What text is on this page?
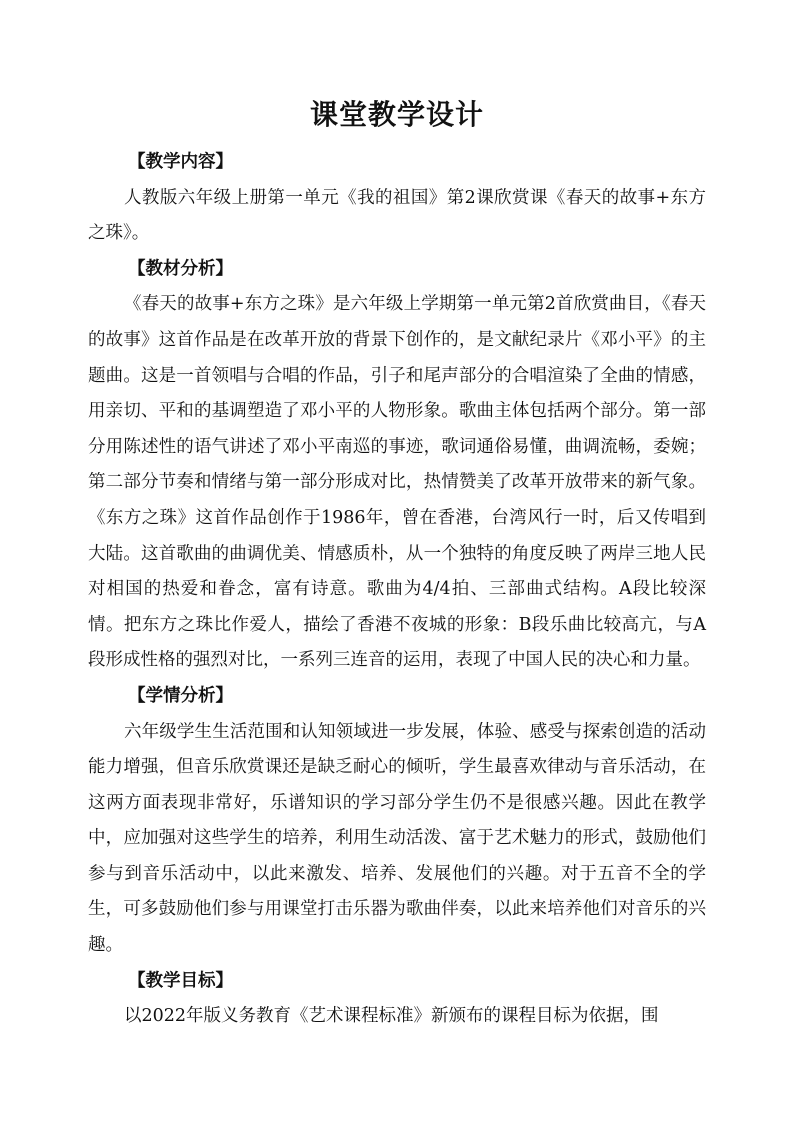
课堂教学设计

【教学内容】

人教版六年级上册第一单元《我的祖国》第2课欣赏课《春天的故事+东方之珠》。

【教材分析】

《春天的故事+东方之珠》是六年级上学期第一单元第2首欣赏曲目，《春天的故事》这首作品是在改革开放的背景下创作的，是文献纪录片《邓小平》的主题曲。这是一首领唱与合唱的作品，引子和尾声部分的合唱渲染了全曲的情感，用亲切、平和的基调塑造了邓小平的人物形象。歌曲主体包括两个部分。第一部分用陈述性的语气讲述了邓小平南巡的事迹，歌词通俗易懂，曲调流畅，委婉；第二部分节奏和情绪与第一部分形成对比，热情赞美了改革开放带来的新气象。《东方之珠》这首作品创作于1986年，曾在香港，台湾风行一时，后又传唱到大陆。这首歌曲的曲调优美、情感质朴，从一个独特的角度反映了两岸三地人民对相国的热爱和眷念，富有诗意。歌曲为4/4拍、三部曲式结构。A段比较深情。把东方之珠比作爱人，描绘了香港不夜城的形象：B段乐曲比较高亢，与A段形成性格的强烈对比，一系列三连音的运用，表现了中国人民的决心和力量。

【学情分析】

六年级学生生活范围和认知领域进一步发展，体验、感受与探索创造的活动能力增强，但音乐欣赏课还是缺乏耐心的倾听，学生最喜欢律动与音乐活动，在这两方面表现非常好，乐谱知识的学习部分学生仍不是很感兴趣。因此在教学中，应加强对这些学生的培养，利用生动活泼、富于艺术魅力的形式，鼓励他们参与到音乐活动中，以此来激发、培养、发展他们的兴趣。对于五音不全的学生，可多鼓励他们参与用课堂打击乐器为歌曲伴奏，以此来培养他们对音乐的兴趣。

【教学目标】

以2022年版义务教育《艺术课程标准》新颁布的课程目标为依据，围
